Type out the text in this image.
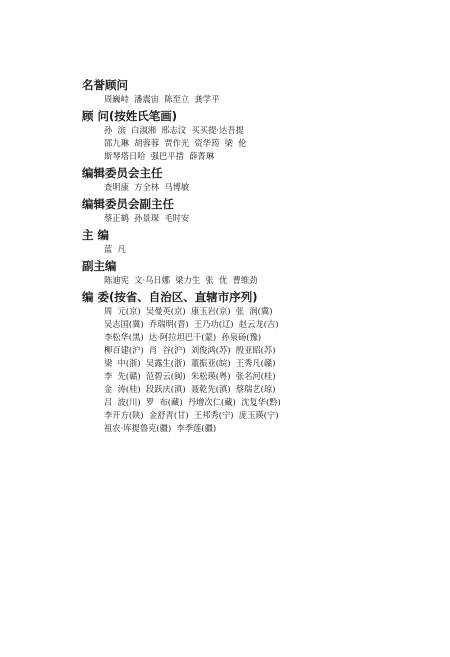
名誉顾问
周巍峙  潘震宙  陈至立  龚学平
顾 问(按姓氏笔画)
孙  滨  白淑湘  邢志汶  买买提·达吾提
邵九琳  胡蓉蓉  贾作光  资华筠  梁  伦
斯琴塔日哈  强巴平措  薛菁琳
编辑委员会主任
查明康  方全林  马博敏
编辑委员会副主任
蔡正鹤  孙景琛  毛时安
主 编
蓝  凡
副主编
陈迪宪  文·乌日娜  梁力生  张  优  曹维劲
编 委(按省、自治区、直辖市序列)
周  元(京)  吴曼英(京)  康玉岩(京)  张  润(冀)
吴志国(冀)  乔瑞明(晋)  王乃功(辽)  赵云龙(吉)
李松华(黑)  达·阿拉坦巴干(蒙)  孙泉砀(豫)
柳百建(沪)  肖  谷(沪)  刘俊鸿(苏)  殷亚昭(苏)
梁  中(浙)  吴露生(浙)  董振亚(皖)  王秀凡(赣)
李  先(赣)  范碧云(闽)  朱松瑛(粤)  张名河(桂)
金  涛(桂)  段跃庆(滇)  聂乾先(滇)  蔡瑞艺(琼)
吕  波(川)  罗  布(藏)  丹增次仁(藏)  沈复华(黔)
李开方(陕)  金舒青(甘)  王邦秀(宁)  庞玉瑛(宁)
祖农·库提鲁克(疆)  李季莲(疆)
